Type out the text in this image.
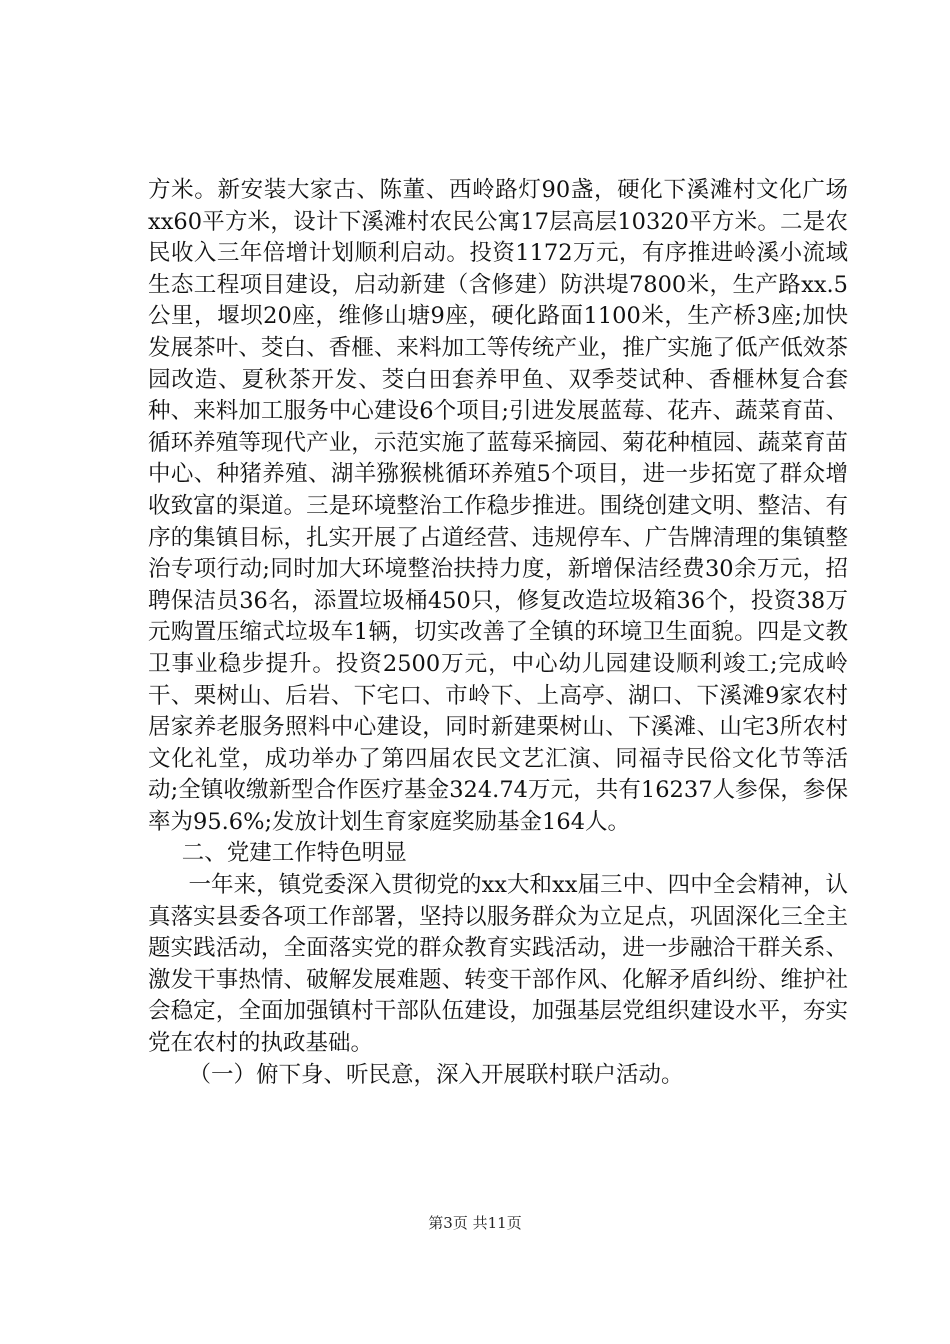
方米。新安装大家古、陈董、西岭路灯90盏，硬化下溪滩村文化广场xx60平方米，设计下溪滩村农民公寓17层高层10320平方米。二是农民收入三年倍增计划顺利启动。投资1172万元，有序推进岭溪小流域生态工程项目建设，启动新建（含修建）防洪堤7800米，生产路xx.5公里，堰坝20座，维修山塘9座，硬化路面1100米，生产桥3座;加快发展茶叶、茭白、香榧、来料加工等传统产业，推广实施了低产低效茶园改造、夏秋茶开发、茭白田套养甲鱼、双季茭试种、香榧林复合套种、来料加工服务中心建设6个项目;引进发展蓝莓、花卉、蔬菜育苗、循环养殖等现代产业，示范实施了蓝莓采摘园、菊花种植园、蔬菜育苗中心、种猪养殖、湖羊猕猴桃循环养殖5个项目，进一步拓宽了群众增收致富的渠道。三是环境整治工作稳步推进。围绕创建文明、整洁、有序的集镇目标，扎实开展了占道经营、违规停车、广告牌清理的集镇整治专项行动;同时加大环境整治扶持力度，新增保洁经费30余万元，招聘保洁员36名，添置垃圾桶450只，修复改造垃圾箱36个，投资38万元购置压缩式垃圾车1辆，切实改善了全镇的环境卫生面貌。四是文教卫事业稳步提升。投资2500万元，中心幼儿园建设顺利竣工;完成岭干、栗树山、后岩、下宅口、市岭下、上高亭、湖口、下溪滩9家农村居家养老服务照料中心建设，同时新建栗树山、下溪滩、山宅3所农村文化礼堂，成功举办了第四届农民文艺汇演、同福寺民俗文化节等活动;全镇收缴新型合作医疗基金324.74万元，共有16237人参保，参保率为95.6%;发放计划生育家庭奖励基金164人。

二、党建工作特色明显

一年来，镇党委深入贯彻党的xx大和xx届三中、四中全会精神，认真落实县委各项工作部署，坚持以服务群众为立足点，巩固深化三全主题实践活动，全面落实党的群众教育实践活动，进一步融洽干群关系、激发干事热情、破解发展难题、转变干部作风、化解矛盾纠纷、维护社会稳定，全面加强镇村干部队伍建设，加强基层党组织建设水平，夯实党在农村的执政基础。

（一）俯下身、听民意，深入开展联村联户活动。

第3页 共11页
